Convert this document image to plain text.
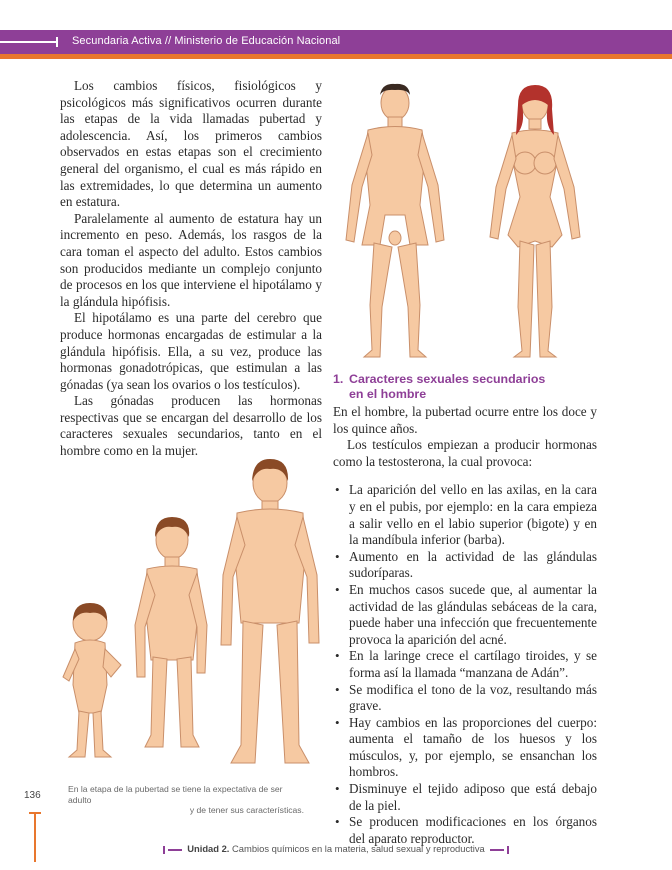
Secundaria Activa // Ministerio de Educación Nacional

Los cambios físicos, fisiológicos y psicológicos más significativos ocurren durante las etapas de la vida llamadas pubertad y adolescencia. Así, los primeros cambios observados en estas etapas son el crecimiento general del organismo, el cual es más rápido en las extremidades, lo que determina un aumento en estatura.

Paralelamente al aumento de estatura hay un incremento en peso. Además, los rasgos de la cara toman el aspecto del adulto. Estos cambios son producidos mediante un complejo conjunto de procesos en los que interviene el hipotálamo y la glándula hipófisis.

El hipotálamo es una parte del cerebro que produce hormonas encargadas de estimular a la glándula hipófisis. Ella, a su vez, produce las hormonas gonadotrópicas, que estimulan a las gónadas (ya sean los ovarios o los testículos).

Las gónadas producen las hormonas respectivas que se encargan del desarrollo de los caracteres sexuales secundarios, tanto en el hombre como en la mujer.

En la etapa de la pubertad se tiene la expectativa de ser adulto
y de tener sus características.
1. Caracteres sexuales secundarios
en el hombre

En el hombre, la pubertad ocurre entre los doce y los quince años.

Los testículos empiezan a producir hormonas como la testosterona, la cual provoca:

• La aparición del vello en las axilas, en la cara y en el pubis, por ejemplo: en la cara empieza a salir vello en el labio superior (bigote) y en la mandíbula inferior (barba).
• Aumento en la actividad de las glándulas sudoríparas.
• En muchos casos sucede que, al aumentar la actividad de las glándulas sebáceas de la cara, puede haber una infección que frecuentemente provoca la aparición del acné.
• En la laringe crece el cartílago tiroides, y se forma así la llamada “manzana de Adán”.
• Se modifica el tono de la voz, resultando más grave.
• Hay cambios en las proporciones del cuerpo: aumenta el tamaño de los huesos y los músculos, y, por ejemplo, se ensanchan los hombros.
• Disminuye el tejido adiposo que está debajo de la piel.
• Se producen modificaciones en los órganos del aparato reproductor.
136
Unidad 2. Cambios químicos en la materia, salud sexual y reproductiva
